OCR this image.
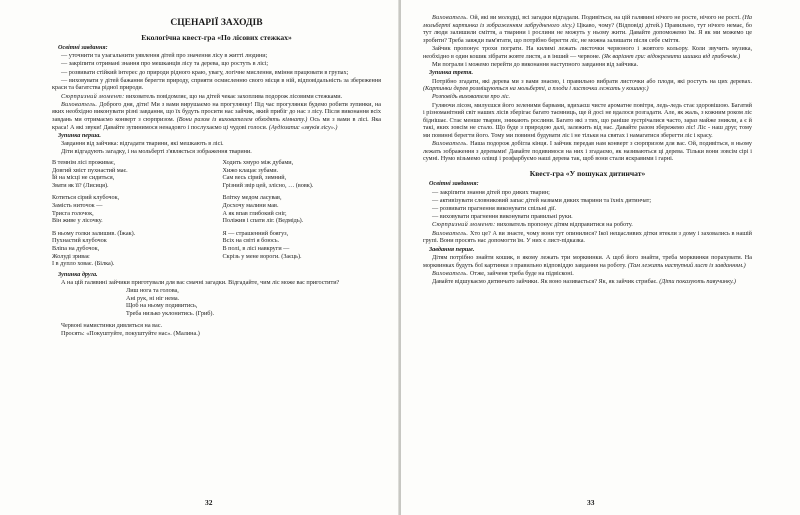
СЦЕНАРІЇ ЗАХОДІВ
Екологічна квест-гра «По лісових стежках»

Освітні завдання:

— уточнити та узагальнити уявлення дітей про значення лісу в житті людини;

— закріпити отримані знання про мешканців лісу та дерева, що ростуть в лісі;

— розвивати стійкий інтерес до природи рідного краю, увагу, логічне мислення, вміння працювати в групах;

— виховувати у дітей бажання берегти природу, сприяти осмисленню свого місця в ній, відповідальність за збереження краси та багатства рідної природи.

Сюрпризний момент: вихователь повідомляє, що на дітей чекає захоплива подорож лісовими стежками.

Вихователь. Доброго дня, діти! Ми з вами вирушаємо на прогулянку! Під час прогулянки будемо робити зупинки, на яких необхідно виконувати різні завдання, що їх будуть просити нас зайчик, який прибіг до нас з лісу. Після виконання всіх завдань ми отримаємо конверт з сюрпризом. (Вони разом із вихователем обходять кімнату.) Ось ми з вами в лісі. Яка краса! А які звуки! Давайте зупинимося ненадовго і послухаємо ці чудові голоси. (Аудіозапис «звуків лісу».)

Зупинка перша.

Завдання від зайчика: відгадати тварини, які мешкають в лісі.

Діти відгадують загадку, і на мольберті з'являється зображення тварини.

В темнім лісі проживає,
Довгий хвіст пухнастий має.
Їй на місці не сидиться,
Звати як її? (Лисиця).
Котиться сірий клубочок,
Замість ниточок —
Трисга голочок,
Він живе у лісочку.
В ньому голки залишив. (Їжак).
Пухнастий клубочок
Вліпа на дубочок,
Жолуді зриває
І в дупло ховає. (Білка).
Ходить хмуро між дубами,
Хижо клацає зубами.
Сам весь сірий, зимний,
Грізний звір цей, злісно, … (вовк).
Влітку медом ласував,
Досхочу малини мав.
А як впав глибокий сніг,
Поліжив і спати ліг. (Ведмідь).
Я — страшенний боягуз,
Всіх на світі я боюсь.
В полі, в лісі навкруги —
Скрізь у мене вороги. (Заєць).

Зупинка друга.

А на цій галявині зайчики приготували для вас смачні загадки. Відгадайте, чим ліс може вас пригостити?

Лиш нога та голова,
Ані рук, ні ніг нема.
Щоб на ньому подивитись,
Треба низько уклонитись. (Гриб).

Червоні намистинки дивляться на вас.

Просять: «Покуштуйте, покуштуйте нас». (Малина.)

32

Вихователь. Ой, які ви молодці, всі загадки відгадали. Подивіться, на цій галявині нічого не росте, нічого не рості. (На мольберті картинка із зображенням забрудненого лісу.) Цікаво, чому? (Відповіді дітей.) Правильно, тут нічого немає, бо тут люди залишили сміття, а тварини і рослини не можуть у ньому жити. Давайте допоможемо їм. Я як ми можемо це зробити? Треба завжди пам'ятати, що потрібно берегти ліс, не можна залишати після себе сміття.

Зайчик пропонує трохи пограти. На килимі лежать листочки червоного і жовтого кольору. Коли звучить музика, необхідно в один кошик зібрати жовте листя, а в інший — червоне. (Як варіант гри: відокремити шишки від грибочків.)

Ми пограли і можемо перейти до виконання наступного завдання від зайчика.

Зупинка третя.

Потрібно згадати, які дерева ми з вами знаємо, і правильно вибрати листочки або плоди, які ростуть на цих деревах. (Картинки дерев розміщуються на мольберті, а плоди і листочки лежать у кошику.)

Розповідь вихователя про ліс.

Гуляючи лісом, милуєшся його зеленими барвами, вдихаєш чисте ароматне повітря, ледь-ледь стає здоровішою. Багатий і різноманітний світ наших лісів зберігає багато таємниць, ще й досі не вдалося розгадати. Але, як жаль, з кожним роком ліс біднішає. Стає менше тварин, зникають рослини. Багато які з тих, що раніше зустрічалися часто, зараз майже зникли, а є й такі, яких зовсім не стало. Що буде з природою далі, залежить від нас. Давайте разом збережемо ліс! Ліс - наш друг, тому ми повинні берегти його. Тому ми повинні будувати ліс і не тільки на святах і намагатися зберегти ліс і красу.

Вихователь. Наша подорож добігла кінця. І зайчик передав нам конверт з сюрпризом для вас. Ой, подивіться, в ньому лежать зображення з деревами! Давайте подивимося на них і згадаємо, як називаються ці дерева. Тільки вони зовсім сірі і сумні. Нумо візьмемо олівці і розфарбуємо наші дерева так, щоб вони стали яскравими і гарні.

Квест-гра «У пошуках дитинчат»

Освітні завдання:

— закріпити знання дітей про диких тварин;

— активізувати словниковий запас дітей назвами диких тварини та їхніх дитинчат;

— розвивати прагнення виконувати спільні дії.

— виховувати прагнення виконувати правильні руки.

Сюрпризний момент: вихователь пропонує дітям відправитися на роботу.

Вихователь. Хто це? А ви знаєте, чому вони тут опинилися? Ікої нещасливих дітки втекли з дому і заховались в нашій групі. Вони просять нас допомогти їм. У них є лист-підказка.

Завдання перше.

Дітям потрібно знайти кошик, в якому лежать три морквинки. А щоб його знайти, треба морквинки порахувати. На морквинках будуть бої картинки з правильно відповіддю завдання на роботу. (Там лежать наступний лист із завданням.)

Вихователь. Отже, зайченя треба буде на підвісконі.

Давайте відшукаємо дитинчато зайчики. Як воно називається? Як, як зайчик стрибає. (Діти показують павучинку.)

33
